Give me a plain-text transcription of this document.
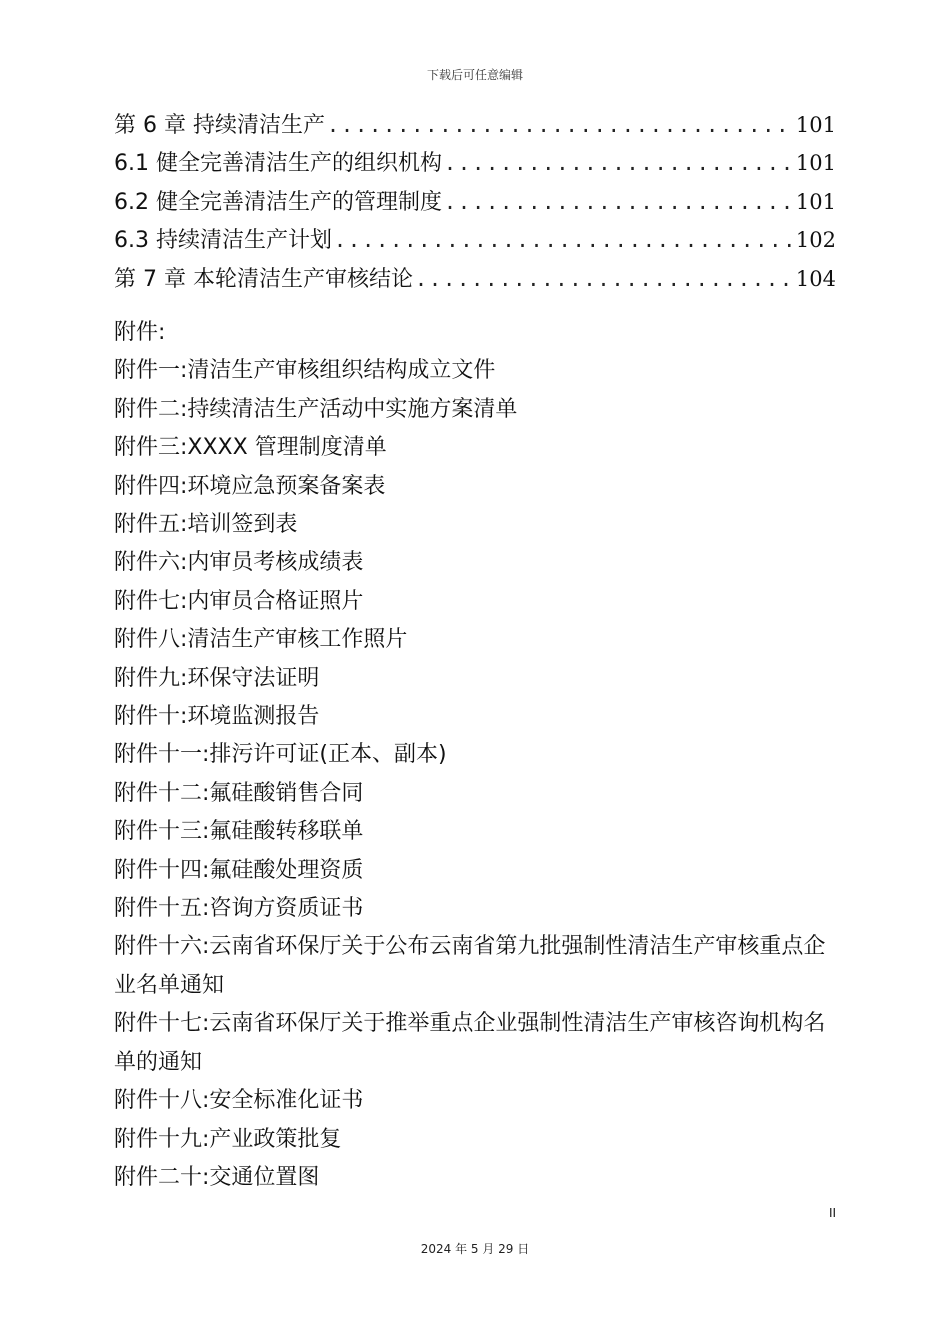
下载后可任意编辑
第 6 章 持续清洁生产 .....	101
6.1 健全完善清洁生产的组织机构 .....	101
6.2 健全完善清洁生产的管理制度 .....	101
6.3 持续清洁生产计划 .....	102
第 7 章 本轮清洁生产审核结论 .....	104
附件:
附件一:清洁生产审核组织结构成立文件
附件二:持续清洁生产活动中实施方案清单
附件三:XXXX 管理制度清单
附件四:环境应急预案备案表
附件五:培训签到表
附件六:内审员考核成绩表
附件七:内审员合格证照片
附件八:清洁生产审核工作照片
附件九:环保守法证明
附件十:环境监测报告
附件十一:排污许可证(正本、副本)
附件十二:氟硅酸销售合同
附件十三:氟硅酸转移联单
附件十四:氟硅酸处理资质
附件十五:咨询方资质证书
附件十六:云南省环保厅关于公布云南省第九批强制性清洁生产审核重点企业名单通知
附件十七:云南省环保厅关于推举重点企业强制性清洁生产审核咨询机构名单的通知
附件十八:安全标准化证书
附件十九:产业政策批复
附件二十:交通位置图
II
2024 年 5 月 29 日
